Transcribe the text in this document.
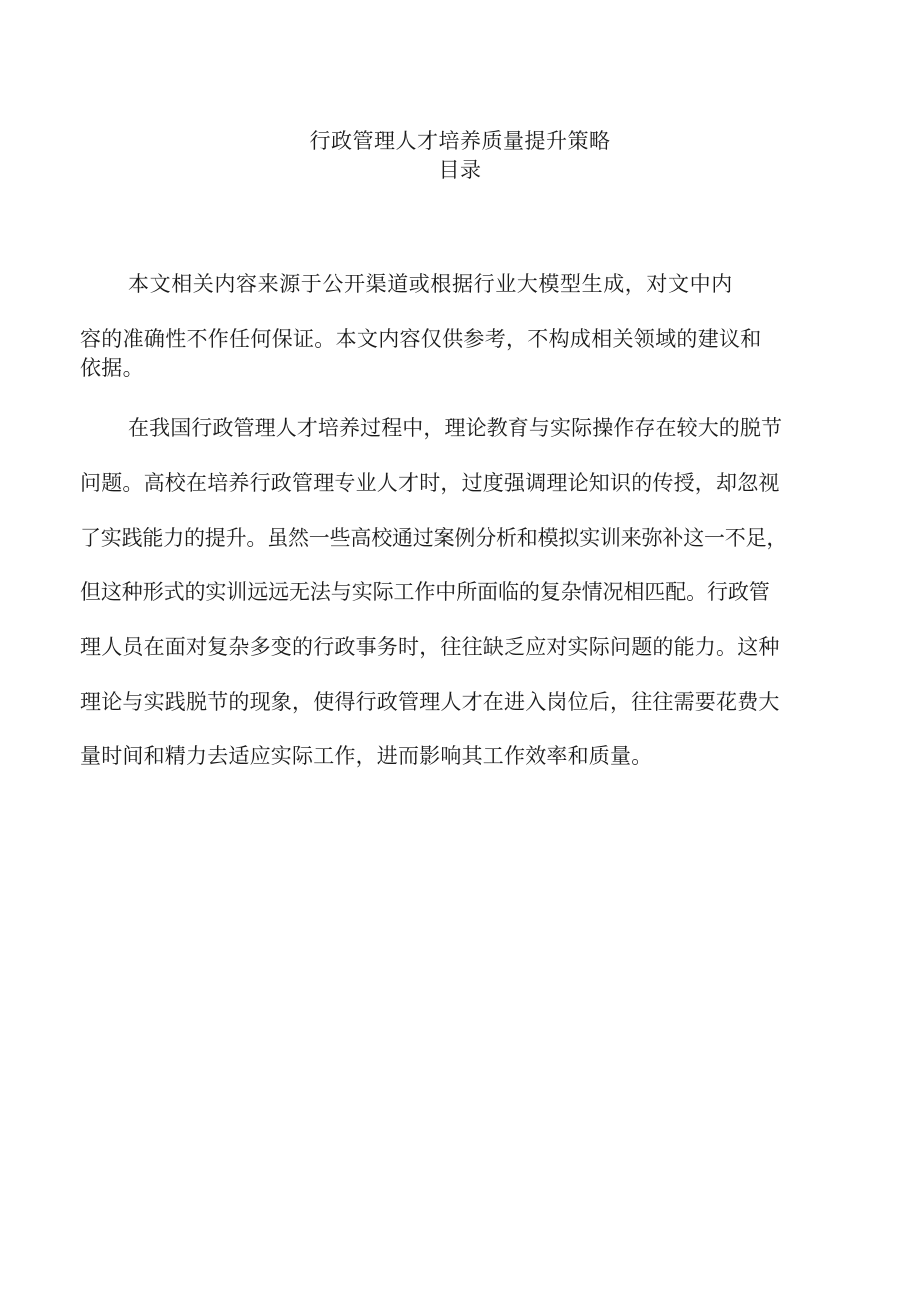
行政管理人才培养质量提升策略
目录

本文相关内容来源于公开渠道或根据行业大模型生成，对文中内

容的准确性不作任何保证。本文内容仅供参考，不构成相关领域的建议和

依据。

在我国行政管理人才培养过程中，理论教育与实际操作存在较大的脱节

问题。高校在培养行政管理专业人才时，过度强调理论知识的传授，却忽视

了实践能力的提升。虽然一些高校通过案例分析和模拟实训来弥补这一不足，

但这种形式的实训远远无法与实际工作中所面临的复杂情况相匹配。行政管

理人员在面对复杂多变的行政事务时，往往缺乏应对实际问题的能力。这种

理论与实践脱节的现象，使得行政管理人才在进入岗位后，往往需要花费大

量时间和精力去适应实际工作，进而影响其工作效率和质量。
